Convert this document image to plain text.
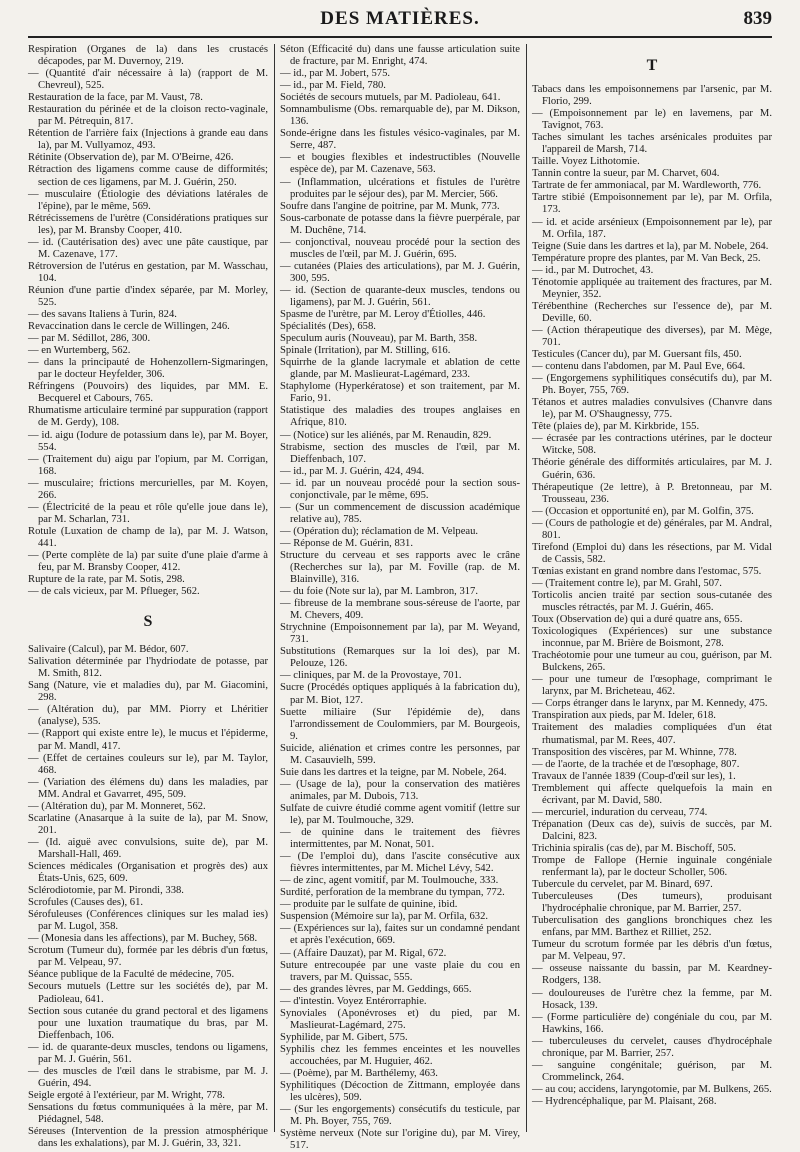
DES MATIÈRES.	839

Respiration (Organes de la) dans les crustacés décapodes, par M. Duvernoy, 219.

— (Quantité d'air nécessaire à la) (rapport de M. Chevreul), 525.

Restauration de la face, par M. Vaust, 78.

Restauration du périnée et de la cloison recto-vaginale, par M. Pétrequin, 817.

Rétention de l'arrière faix (Injections à grande eau dans la), par M. Vullyamoz, 493.

Rétinite (Observation de), par M. O'Beirne, 426.

Rétraction des ligamens comme cause de difformités; section de ces ligamens, par M. J. Guérin, 250.

— musculaire (Étiologie des déviations latérales de l'épine), par le même, 569.

Rétrécissemens de l'urètre (Considérations pratiques sur les), par M. Bransby Cooper, 410.

— id. (Cautérisation des) avec une pâte caustique, par M. Cazenave, 177.

Rétroversion de l'utérus en gestation, par M. Wasschau, 104.

Réunion d'une partie d'index séparée, par M. Morley, 525.

— des savans Italiens à Turin, 824.

Revaccination dans le cercle de Willingen, 246.

— par M. Sédillot, 286, 300.

— en Wurtemberg, 562.

— dans la principauté de Hohenzollern-Sigmaringen, par le docteur Heyfelder, 306.

Réfringens (Pouvoirs) des liquides, par MM. E. Becquerel et Cabours, 765.

Rhumatisme articulaire terminé par suppuration (rapport de M. Gerdy), 108.

— id. aigu (Iodure de potassium dans le), par M. Boyer, 554.

— (Traitement du) aigu par l'opium, par M. Corrigan, 168.

— musculaire; frictions mercurielles, par M. Koyen, 266.

— (Électricité de la peau et rôle qu'elle joue dans le), par M. Scharlan, 731.

Rotule (Luxation de champ de la), par M. J. Watson, 441.

— (Perte complète de la) par suite d'une plaie d'arme à feu, par M. Bransby Cooper, 412.

Rupture de la rate, par M. Sotis, 298.

— de cals vicieux, par M. Pflueger, 562.

S

Salivaire (Calcul), par M. Bédor, 607.

Salivation déterminée par l'hydriodate de potasse, par M. Smith, 812.

Sang (Nature, vie et maladies du), par M. Giacomini, 298.

— (Altération du), par MM. Piorry et Lhéritier (analyse), 535.

— (Rapport qui existe entre le), le mucus et l'épiderme, par M. Mandl, 417.

— (Effet de certaines couleurs sur le), par M. Taylor, 468.

— (Variation des élémens du) dans les maladies, par MM. Andral et Gavarret, 495, 509.

— (Altération du), par M. Monneret, 562.

Scarlatine (Anasarque à la suite de la), par M. Snow, 201.

— (Id. aiguë avec convulsions, suite de), par M. Marshall-Hall, 469.

Sciences médicales (Organisation et progrès des) aux États-Unis, 625, 609.

Sclérodiotomie, par M. Pirondi, 338.

Scrofules (Causes des), 61.

Sérofuleuses (Conférences cliniques sur les malad ies) par M. Lugol, 358.

— (Monesia dans les affections), par M. Buchey, 568.

Scrotum (Tumeur du), formée par les débris d'un fœtus, par M. Velpeau, 97.

Séance publique de la Faculté de médecine, 705.

Secours mutuels (Lettre sur les sociétés de), par M. Padioleau, 641.

Section sous cutanée du grand pectoral et des ligamens pour une luxation traumatique du bras, par M. Dieffenbach, 106.

— id. de quarante-deux muscles, tendons ou ligamens, par M. J. Guérin, 561.

— des muscles de l'œil dans le strabisme, par M. J. Guérin, 494.

Seigle ergoté à l'extérieur, par M. Wright, 778.

Sensations du fœtus communiquées à la mère, par M. Piédagnel, 548.

Séreuses (Intervention de la pression atmosphérique dans les exhalations), par M. J. Guérin, 33, 321.

Séton (Efficacité du) dans une fausse articulation suite de fracture, par M. Enright, 474.

— id., par M. Jobert, 575.

— id., par M. Field, 780.

Sociétés de secours mutuels, par M. Padioleau, 641.

Somnambulisme (Obs. remarquable de), par M. Dikson, 136.

Sonde-érigne dans les fistules vésico-vaginales, par M. Serre, 487.

— et bougies flexibles et indestructibles (Nouvelle espèce de), par M. Cazenave, 563.

— (Inflammation, ulcérations et fistules de l'urètre produites par le séjour des), par M. Mercier, 566.

Soufre dans l'angine de poitrine, par M. Munk, 773.

Sous-carbonate de potasse dans la fièvre puerpérale, par M. Duchêne, 714.

— conjonctival, nouveau procédé pour la section des muscles de l'œil, par M. J. Guérin, 695.

— cutanées (Plaies des articulations), par M. J. Guérin, 300, 595.

— id. (Section de quarante-deux muscles, tendons ou ligamens), par M. J. Guérin, 561.

Spasme de l'urètre, par M. Leroy d'Étiolles, 446.

Spécialités (Des), 658.

Speculum auris (Nouveau), par M. Barth, 358.

Spinale (Irritation), par M. Stilling, 616.

Squirrhe de la glande lacrymale et ablation de cette glande, par M. Maslieurat-Lagémard, 233.

Staphylome (Hyperkératose) et son traitement, par M. Fario, 91.

Statistique des maladies des troupes anglaises en Afrique, 810.

— (Notice) sur les aliénés, par M. Renaudin, 829.

Strabisme, section des muscles de l'œil, par M. Dieffenbach, 107.

— id., par M. J. Guérin, 424, 494.

— id. par un nouveau procédé pour la section sous-conjonctivale, par le même, 695.

— (Sur un commencement de discussion académique relative au), 785.

— (Opération du); réclamation de M. Velpeau.

— Réponse de M. Guérin, 831.

Structure du cerveau et ses rapports avec le crâne (Recherches sur la), par M. Foville (rap. de M. Blainville), 316.

— du foie (Note sur la), par M. Lambron, 317.

— fibreuse de la membrane sous-séreuse de l'aorte, par M. Chevers, 409.

Strychnine (Empoisonnement par la), par M. Weyand, 731.

Substitutions (Remarques sur la loi des), par M. Pelouze, 126.

— cliniques, par M. de la Provostaye, 701.

Sucre (Procédés optiques appliqués à la fabrication du), par M. Biot, 127.

Suette miliaire (Sur l'épidémie de), dans l'arrondissement de Coulommiers, par M. Bourgeois, 9.

Suicide, aliénation et crimes contre les personnes, par M. Casauvielh, 599.

Suie dans les dartres et la teigne, par M. Nobele, 264.

— (Usage de la), pour la conservation des matières animales, par M. Dubois, 713.

Sulfate de cuivre étudié comme agent vomitif (lettre sur le), par M. Toulmouche, 329.

— de quinine dans le traitement des fièvres intermittentes, par M. Nonat, 501.

— (De l'emploi du), dans l'ascite consécutive aux fièvres intermittentes, par M. Michel Lévy, 542.

— de zinc, agent vomitif, par M. Toulmouche, 333.

Surdité, perforation de la membrane du tympan, 772.

— produite par le sulfate de quinine, ibid.

Suspension (Mémoire sur la), par M. Orfila, 632.

— (Expériences sur la), faites sur un condamné pendant et après l'exécution, 669.

— (Affaire Dauzat), par M. Rigal, 672.

Suture entrecoupée par une vaste plaie du cou en travers, par M. Quissac, 555.

— des grandes lèvres, par M. Geddings, 665.

— d'intestin. Voyez Entérorraphie.

Synoviales (Aponévroses et) du pied, par M. Maslieurat-Lagémard, 275.

Syphilide, par M. Gibert, 575.

Syphilis chez les femmes enceintes et les nouvelles accouchées, par M. Huguier, 462.

— (Poème), par M. Barthélemy, 463.

Syphilitiques (Décoction de Zittmann, employée dans les ulcères), 509.

— (Sur les engorgements) consécutifs du testicule, par M. Ph. Boyer, 755, 769.

Système nerveux (Note sur l'origine du), par M. Virey, 517.

T

Tabacs dans les empoisonnemens par l'arsenic, par M. Florio, 299.

— (Empoisonnement par le) en lavemens, par M. Tavignot, 763.

Taches simulant les taches arsénicales produites par l'appareil de Marsh, 714.

Taille. Voyez Lithotomie.

Tannin contre la sueur, par M. Charvet, 604.

Tartrate de fer ammoniacal, par M. Wardleworth, 776.

Tartre stibié (Empoisonnement par le), par M. Orfila, 173.

— id. et acide arsénieux (Empoisonnement par le), par M. Orfila, 187.

Teigne (Suie dans les dartres et la), par M. Nobele, 264.

Température propre des plantes, par M. Van Beck, 25.

— id., par M. Dutrochet, 43.

Ténotomie appliquée au traitement des fractures, par M. Meynier, 352.

Térébenthine (Recherches sur l'essence de), par M. Deville, 60.

— (Action thérapeutique des diverses), par M. Mège, 701.

Testicules (Cancer du), par M. Guersant fils, 450.

— contenu dans l'abdomen, par M. Paul Eve, 664.

— (Engorgemens syphilitiques consécutifs du), par M. Ph. Boyer, 755, 769.

Tétanos et autres maladies convulsives (Chanvre dans le), par M. O'Shaugnessy, 775.

Tête (plaies de), par M. Kirkbride, 155.

— écrasée par les contractions utérines, par le docteur Witcke, 508.

Théorie générale des difformités articulaires, par M. J. Guérin, 636.

Thérapeutique (2e lettre), à P. Bretonneau, par M. Trousseau, 236.

— (Occasion et opportunité en), par M. Golfin, 375.

— (Cours de pathologie et de) générales, par M. Andral, 801.

Tirefond (Emploi du) dans les résections, par M. Vidal de Cassis, 582.

Tœnias existant en grand nombre dans l'estomac, 575.

— (Traitement contre le), par M. Grahl, 507.

Torticolis ancien traité par section sous-cutanée des muscles rétractés, par M. J. Guérin, 465.

Toux (Observation de) qui a duré quatre ans, 655.

Toxicologiques (Expériences) sur une substance inconnue, par M. Brière de Boismont, 278.

Trachéotomie pour une tumeur au cou, guérison, par M. Bulckens, 265.

— pour une tumeur de l'œsophage, comprimant le larynx, par M. Bricheteau, 462.

— Corps étranger dans le larynx, par M. Kennedy, 475.

Transpiration aux pieds, par M. Ideler, 618.

Traitement des maladies compliquées d'un état rhumatismal, par M. Rees, 407.

Transposition des viscères, par M. Whinne, 778.

— de l'aorte, de la trachée et de l'œsophage, 807.

Travaux de l'année 1839 (Coup-d'œil sur les), 1.

Tremblement qui affecte quelquefois la main en écrivant, par M. David, 580.

— mercuriel, induration du cerveau, 774.

Trépanation (Deux cas de), suivis de succès, par M. Dalcini, 823.

Trichinia spiralis (cas de), par M. Bischoff, 505.

Trompe de Fallope (Hernie inguinale congéniale renfermant la), par le docteur Scholler, 506.

Tubercule du cervelet, par M. Binard, 697.

Tuberculeuses (Des tumeurs), produisant l'hydrocéphalie chronique, par M. Barrier, 257.

Tuberculisation des ganglions bronchiques chez les enfans, par MM. Barthez et Rilliet, 252.

Tumeur du scrotum formée par les débris d'un fœtus, par M. Velpeau, 97.

— osseuse naissante du bassin, par M. Keardney-Rodgers, 138.

— douloureuses de l'urètre chez la femme, par M. Hosack, 139.

— (Forme particulière de) congéniale du cou, par M. Hawkins, 166.

— tuberculeuses du cervelet, causes d'hydrocéphale chronique, par M. Barrier, 257.

— sanguine congénitale; guérison, par M. Crommelinck, 264.

— au cou; accidens, laryngotomie, par M. Bulkens, 265.

— Hydrencéphalique, par M. Plaisant, 268.
